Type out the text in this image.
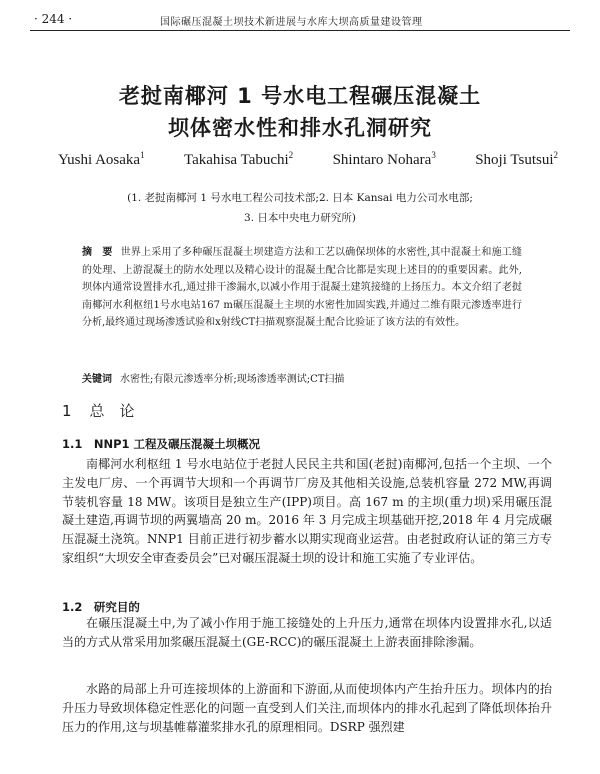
· 244 ·	国际碾压混凝土坝技术新进展与水库大坝高质量建设管理
老挝南椰河 1 号水电工程碾压混凝土
坝体密水性和排水孔洞研究
Yushi Aosaka$^1$	Takahisa Tabuchi$^2$	Shintaro Nohara$^3$	Shoji Tsutsui$^2$
(1. 老挝南椰河 1 号水电工程公司技术部;2. 日本 Kansai 电力公司水电部;
3. 日本中央电力研究所)
摘　要 世界上采用了多种碾压混凝土坝建造方法和工艺以确保坝体的水密性,其中混凝土和施工缝的处理、上游混凝土的防水处理以及精心设计的混凝土配合比都是实现上述目的的重要因素。此外,坝体内通常设置排水孔,通过排干渗漏水,以减小作用于混凝土建筑接缝的上扬压力。本文介绍了老挝南椰河水利枢纽1号水电站167 m碾压混凝土主坝的水密性加固实践,并通过二维有限元渗透率进行分析,最终通过现场渗透试验和x射线CT扫描观察混凝土配合比验证了该方法的有效性。
关键词 水密性;有限元渗透率分析;现场渗透率测试;CT扫描
1 总　论
1.1　NNP1 工程及碾压混凝土坝概况
南椰河水利枢纽 1 号水电站位于老挝人民民主共和国(老挝)南椰河,包括一个主坝、一个主发电厂房、一个再调节大坝和一个再调节厂房及其他相关设施,总装机容量 272 MW,再调节装机容量 18 MW。该项目是独立生产(IPP)项目。高 167 m 的主坝(重力坝)采用碾压混凝土建造,再调节坝的两翼墙高 20 m。2016 年 3 月完成主坝基础开挖,2018 年 4 月完成碾压混凝土浇筑。NNP1 目前正进行初步蓄水以期实现商业运营。由老挝政府认证的第三方专家组织“大坝安全审查委员会”已对碾压混凝土坝的设计和施工实施了专业评估。
1.2　研究目的
在碾压混凝土中,为了减小作用于施工接缝处的上升压力,通常在坝体内设置排水孔,以适当的方式从常采用加浆碾压混凝土(GE-RCC)的碾压混凝土上游表面排除渗漏。
水路的局部上升可连接坝体的上游面和下游面,从而使坝体内产生抬升压力。坝体内的抬升压力导致坝体稳定性恶化的问题一直受到人们关注,而坝体内的排水孔起到了降低坝体抬升压力的作用,这与坝基帷幕灌浆排水孔的原理相同。DSRP 强烈建
